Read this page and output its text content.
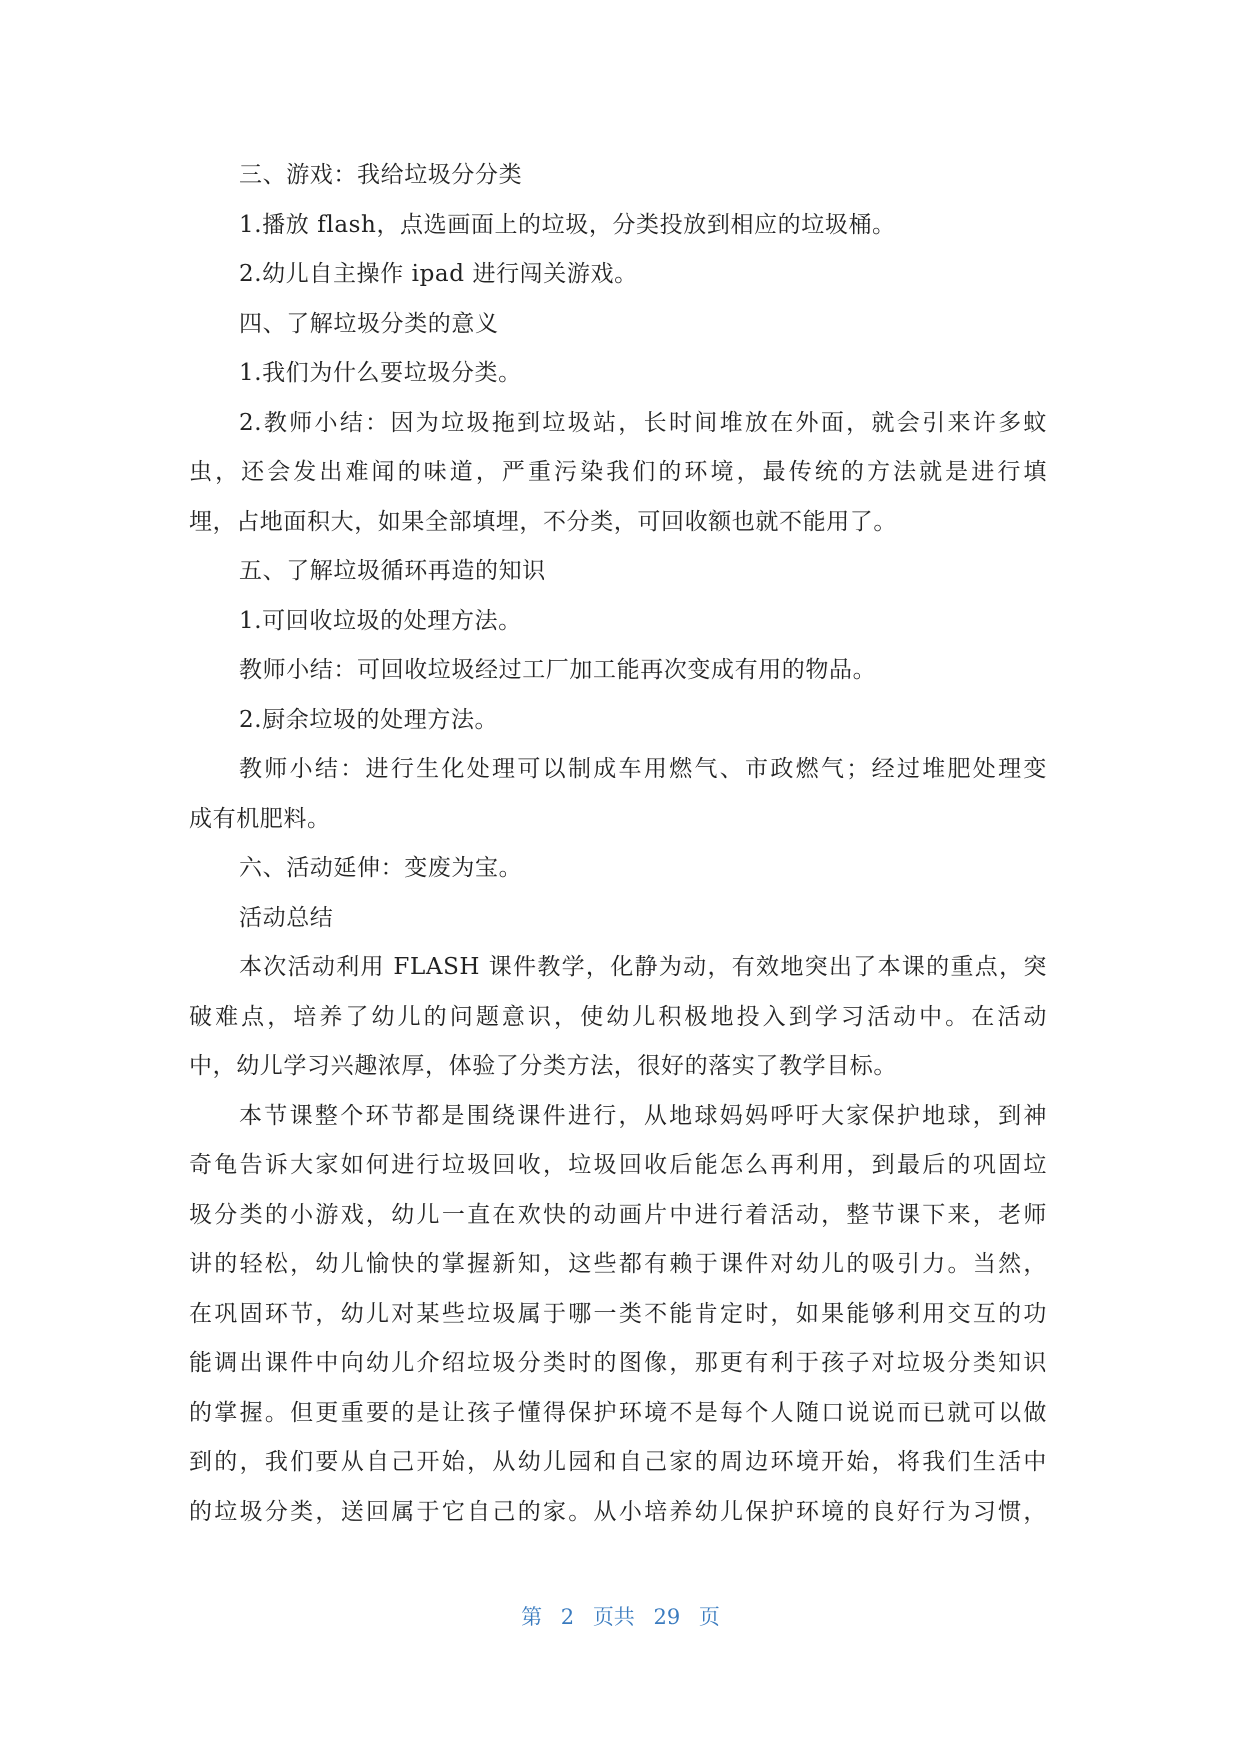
三、游戏：我给垃圾分分类
1.播放 flash，点选画面上的垃圾，分类投放到相应的垃圾桶。
2.幼儿自主操作 ipad 进行闯关游戏。
四、了解垃圾分类的意义
1.我们为什么要垃圾分类。
2.教师小结：因为垃圾拖到垃圾站，长时间堆放在外面，就会引来许多蚊
虫，还会发出难闻的味道，严重污染我们的环境，最传统的方法就是进行填
埋，占地面积大，如果全部填埋，不分类，可回收额也就不能用了。
五、了解垃圾循环再造的知识
1.可回收垃圾的处理方法。
教师小结：可回收垃圾经过工厂加工能再次变成有用的物品。
2.厨余垃圾的处理方法。
教师小结：进行生化处理可以制成车用燃气、市政燃气；经过堆肥处理变
成有机肥料。
六、活动延伸：变废为宝。
活动总结
本次活动利用 FLASH 课件教学，化静为动，有效地突出了本课的重点，突
破难点，培养了幼儿的问题意识，使幼儿积极地投入到学习活动中。在活动
中，幼儿学习兴趣浓厚，体验了分类方法，很好的落实了教学目标。
本节课整个环节都是围绕课件进行，从地球妈妈呼吁大家保护地球，到神
奇龟告诉大家如何进行垃圾回收，垃圾回收后能怎么再利用，到最后的巩固垃
圾分类的小游戏，幼儿一直在欢快的动画片中进行着活动，整节课下来，老师
讲的轻松，幼儿愉快的掌握新知，这些都有赖于课件对幼儿的吸引力。当然，
在巩固环节，幼儿对某些垃圾属于哪一类不能肯定时，如果能够利用交互的功
能调出课件中向幼儿介绍垃圾分类时的图像，那更有利于孩子对垃圾分类知识
的掌握。但更重要的是让孩子懂得保护环境不是每个人随口说说而已就可以做
到的，我们要从自己开始，从幼儿园和自己家的周边环境开始，将我们生活中
的垃圾分类，送回属于它自己的家。从小培养幼儿保护环境的良好行为习惯，
第 2 页共 29 页
